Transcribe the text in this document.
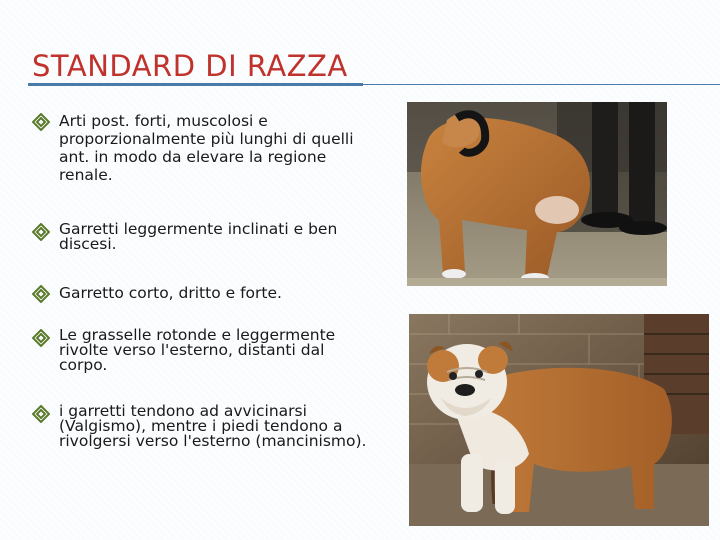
STANDARD DI RAZZA
Arti post. forti, muscolosi e proporzionalmente più lunghi di quelli ant. in modo da elevare la regione renale.
Garretti leggermente inclinati e ben discesi.
Garretto corto, dritto e forte.
Le grasselle rotonde e leggermente rivolte verso l'esterno, distanti dal corpo.
i garretti tendono ad avvicinarsi (Valgismo), mentre i piedi tendono a rivolgersi verso l'esterno (mancinismo).
